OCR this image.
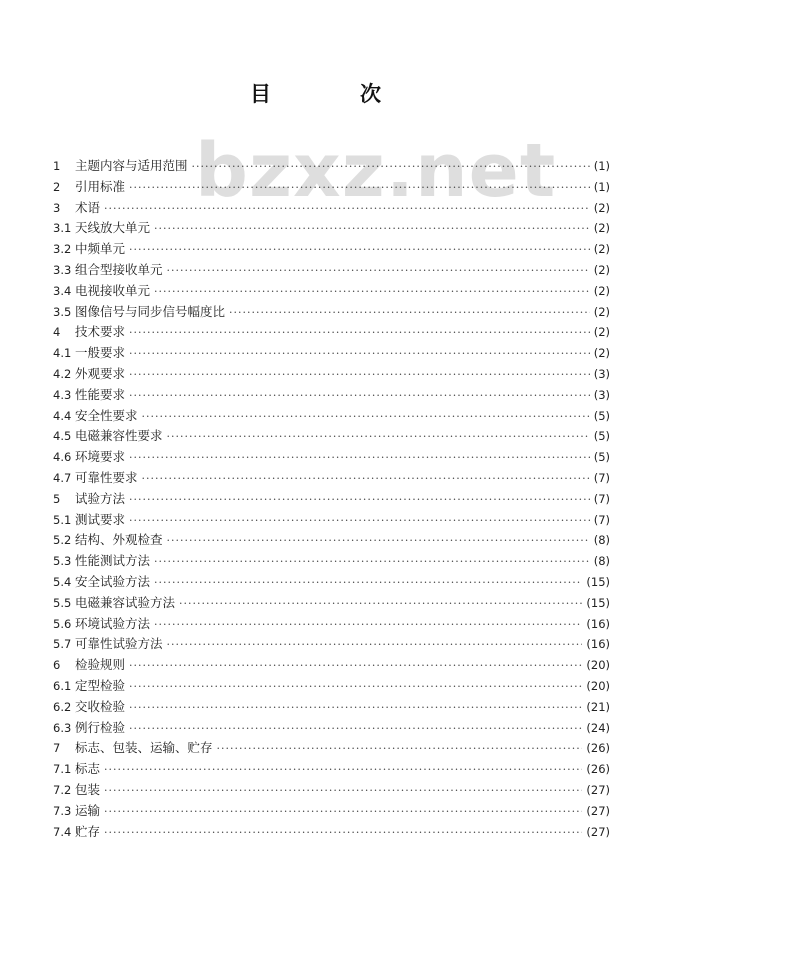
bzxz.net
目　次
1	主题内容与适用范围 ·····	(1)
2	引用标准 ·····	(1)
3	术语 ·····	(2)
3.1 天线放大单元 ·····	(2)
3.2 中频单元 ·····	(2)
3.3 组合型接收单元 ·····	(2)
3.4 电视接收单元 ·····	(2)
3.5 图像信号与同步信号幅度比 ·····	(2)
4	技术要求 ·····	(2)
4.1 一般要求 ·····	(2)
4.2 外观要求 ·····	(3)
4.3 性能要求 ·····	(3)
4.4 安全性要求 ·····	(5)
4.5 电磁兼容性要求 ·····	(5)
4.6 环境要求 ·····	(5)
4.7 可靠性要求 ·····	(7)
5	试验方法 ·····	(7)
5.1 测试要求 ·····	(7)
5.2 结构、外观检查 ·····	(8)
5.3 性能测试方法 ·····	(8)
5.4 安全试验方法 ·····	(15)
5.5 电磁兼容试验方法 ·····	(15)
5.6 环境试验方法 ·····	(16)
5.7 可靠性试验方法 ·····	(16)
6	检验规则 ·····	(20)
6.1 定型检验 ·····	(20)
6.2 交收检验 ·····	(21)
6.3 例行检验 ·····	(24)
7	标志、包装、运输、贮存 ·····	(26)
7.1 标志 ·····	(26)
7.2 包装 ·····	(27)
7.3 运输 ·····	(27)
7.4 贮存 ·····	(27)
